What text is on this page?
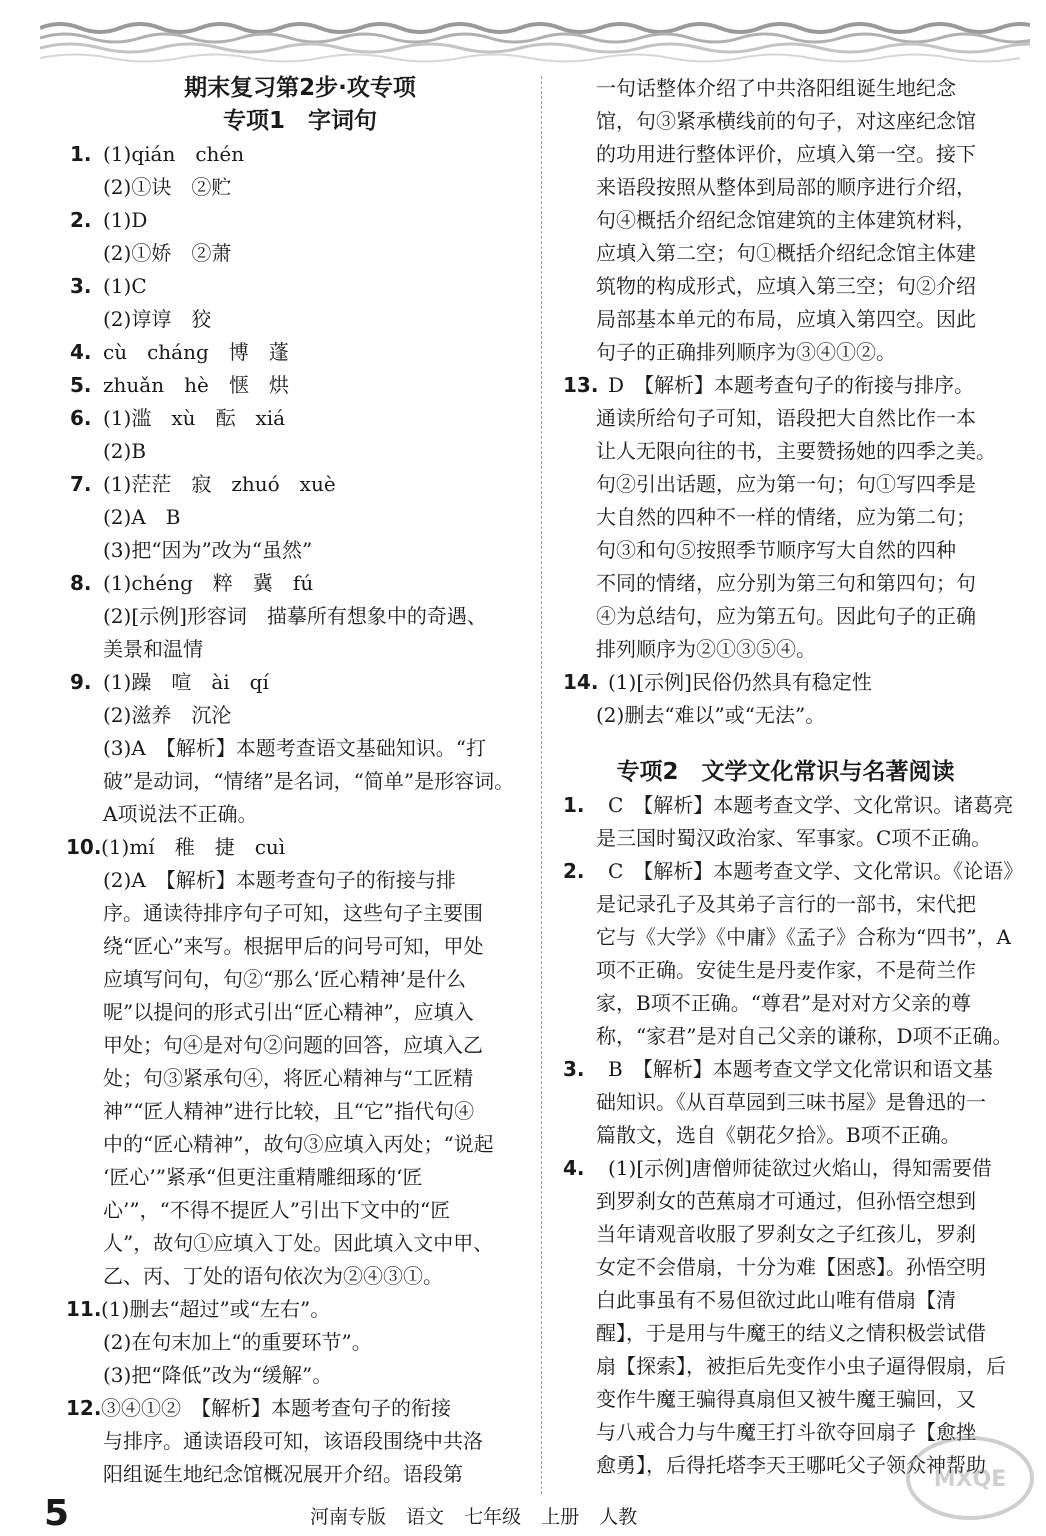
期末复习第2步·攻专项
专项1　字词句
1. (1)qián　chén
(2)①诀　②贮
2. (1)D
(2)①娇　②萧
3. (1)C
(2)谆谆　狡
4. cù　cháng　博　蓬
5. zhuǎn　hè　惬　烘
6. (1)滥　xù　酝　xiá
(2)B
7. (1)茫茫　寂　zhuó　xuè
(2)A　B
(3)把“因为”改为“虽然”
8. (1)chéng　粹　冀　fú
(2)[示例]形容词　描摹所有想象中的奇遇、
美景和温情
9. (1)躁　喧　ài　qí
(2)滋养　沉沦
(3)A　【解析】本题考查语文基础知识。“打
破”是动词，“情绪”是名词，“简单”是形容词。
A项说法不正确。
10.(1)mí　稚　捷　cuì
(2)A　【解析】本题考查句子的衔接与排
序。通读待排序句子可知，这些句子主要围
绕“匠心”来写。根据甲后的问号可知，甲处
应填写问句，句②“那么‘匠心精神’是什么
呢”以提问的形式引出“匠心精神”，应填入
甲处；句④是对句②问题的回答，应填入乙
处；句③紧承句④，将匠心精神与“工匠精
神”“匠人精神”进行比较，且“它”指代句④
中的“匠心精神”，故句③应填入丙处；“说起
‘匠心’”紧承“但更注重精雕细琢的‘匠
心’”，“不得不提匠人”引出下文中的“匠
人”，故句①应填入丁处。因此填入文中甲、
乙、丙、丁处的语句依次为②④③①。
11.(1)删去“超过”或“左右”。
(2)在句末加上“的重要环节”。
(3)把“降低”改为“缓解”。
12.③④①②　【解析】本题考查句子的衔接
与排序。通读语段可知，该语段围绕中共洛
阳组诞生地纪念馆概况展开介绍。语段第
一句话整体介绍了中共洛阳组诞生地纪念
馆，句③紧承横线前的句子，对这座纪念馆
的功用进行整体评价，应填入第一空。接下
来语段按照从整体到局部的顺序进行介绍，
句④概括介绍纪念馆建筑的主体建筑材料，
应填入第二空；句①概括介绍纪念馆主体建
筑物的构成形式，应填入第三空；句②介绍
局部基本单元的布局，应填入第四空。因此
句子的正确排列顺序为③④①②。
13. D　【解析】本题考查句子的衔接与排序。
通读所给句子可知，语段把大自然比作一本
让人无限向往的书，主要赞扬她的四季之美。
句②引出话题，应为第一句；句①写四季是
大自然的四种不一样的情绪，应为第二句；
句③和句⑤按照季节顺序写大自然的四种
不同的情绪，应分别为第三句和第四句；句
④为总结句，应为第五句。因此句子的正确
排列顺序为②①③⑤④。
14. (1)[示例]民俗仍然具有稳定性
(2)删去“难以”或“无法”。
专项2　文学文化常识与名著阅读
1. C　【解析】本题考查文学、文化常识。诸葛亮
是三国时蜀汉政治家、军事家。C项不正确。
2. C　【解析】本题考查文学、文化常识。《论语》
是记录孔子及其弟子言行的一部书，宋代把
它与《大学》《中庸》《孟子》合称为“四书”，A
项不正确。安徒生是丹麦作家，不是荷兰作
家，B项不正确。“尊君”是对对方父亲的尊
称，“家君”是对自己父亲的谦称，D项不正确。
3. B　【解析】本题考查文学文化常识和语文基
础知识。《从百草园到三味书屋》是鲁迅的一
篇散文，选自《朝花夕拾》。B项不正确。
4. (1)[示例]唐僧师徒欲过火焰山，得知需要借
到罗刹女的芭蕉扇才可通过，但孙悟空想到
当年请观音收服了罗刹女之子红孩儿，罗刹
女定不会借扇，十分为难【困惑】。孙悟空明
白此事虽有不易但欲过此山唯有借扇【清
醒】，于是用与牛魔王的结义之情积极尝试借
扇【探索】，被拒后先变作小虫子逼得假扇，后
变作牛魔王骗得真扇但又被牛魔王骗回，又
与八戒合力与牛魔王打斗欲夺回扇子【愈挫
愈勇】，后得托塔李天王哪吒父子领众神帮助
5	河南专版 语文 七年级 上册 人教
MXQE
